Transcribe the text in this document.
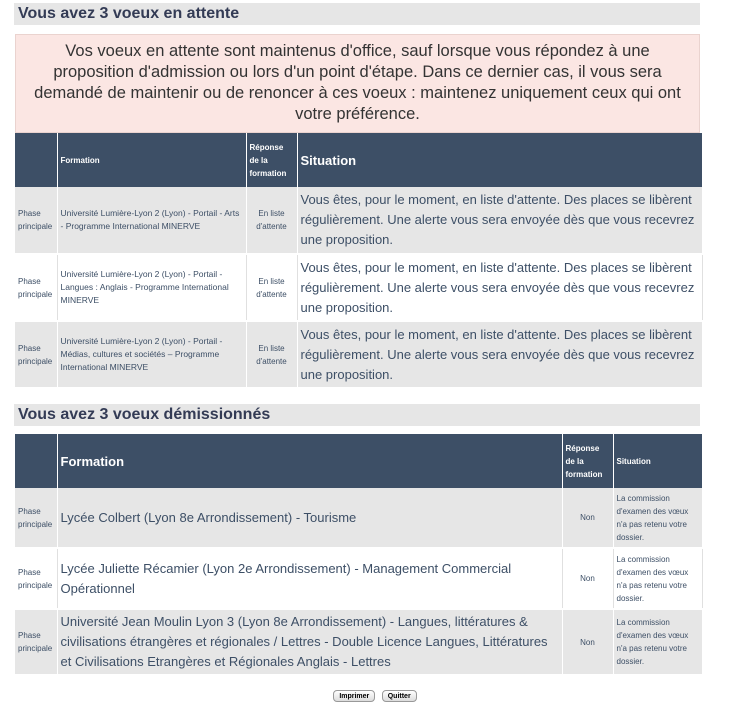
Vous avez 3 voeux en attente
Vos voeux en attente sont maintenus d'office, sauf lorsque vous répondez à une proposition d'admission ou lors d'un point d'étape. Dans ce dernier cas, il vous sera demandé de maintenir ou de renoncer à ces voeux : maintenez uniquement ceux qui ont votre préférence.
	Formation	Réponse de la formation	Situation
Phase principale	Université Lumière-Lyon 2 (Lyon) - Portail - Arts - Programme International MINERVE	En liste d'attente	Vous êtes, pour le moment, en liste d'attente. Des places se libèrent régulièrement. Une alerte vous sera envoyée dès que vous recevrez une proposition.
Phase principale	Université Lumière-Lyon 2 (Lyon) - Portail - Langues : Anglais - Programme International MINERVE	En liste d'attente	Vous êtes, pour le moment, en liste d'attente. Des places se libèrent régulièrement. Une alerte vous sera envoyée dès que vous recevrez une proposition.
Phase principale	Université Lumière-Lyon 2 (Lyon) - Portail - Médias, cultures et sociétés – Programme International MINERVE	En liste d'attente	Vous êtes, pour le moment, en liste d'attente. Des places se libèrent régulièrement. Une alerte vous sera envoyée dès que vous recevrez une proposition.
Vous avez 3 voeux démissionnés
	Formation	Réponse de la formation	Situation
Phase principale	Lycée Colbert (Lyon 8e Arrondissement) - Tourisme	Non	La commission d'examen des vœux n'a pas retenu votre dossier.
Phase principale	Lycée Juliette Récamier (Lyon 2e Arrondissement) - Management Commercial Opérationnel	Non	La commission d'examen des vœux n'a pas retenu votre dossier.
Phase principale	Université Jean Moulin Lyon 3 (Lyon 8e Arrondissement) - Langues, littératures & civilisations étrangères et régionales / Lettres - Double Licence Langues, Littératures et Civilisations Etrangères et Régionales Anglais - Lettres	Non	La commission d'examen des vœux n'a pas retenu votre dossier.
Imprimer	Quitter
